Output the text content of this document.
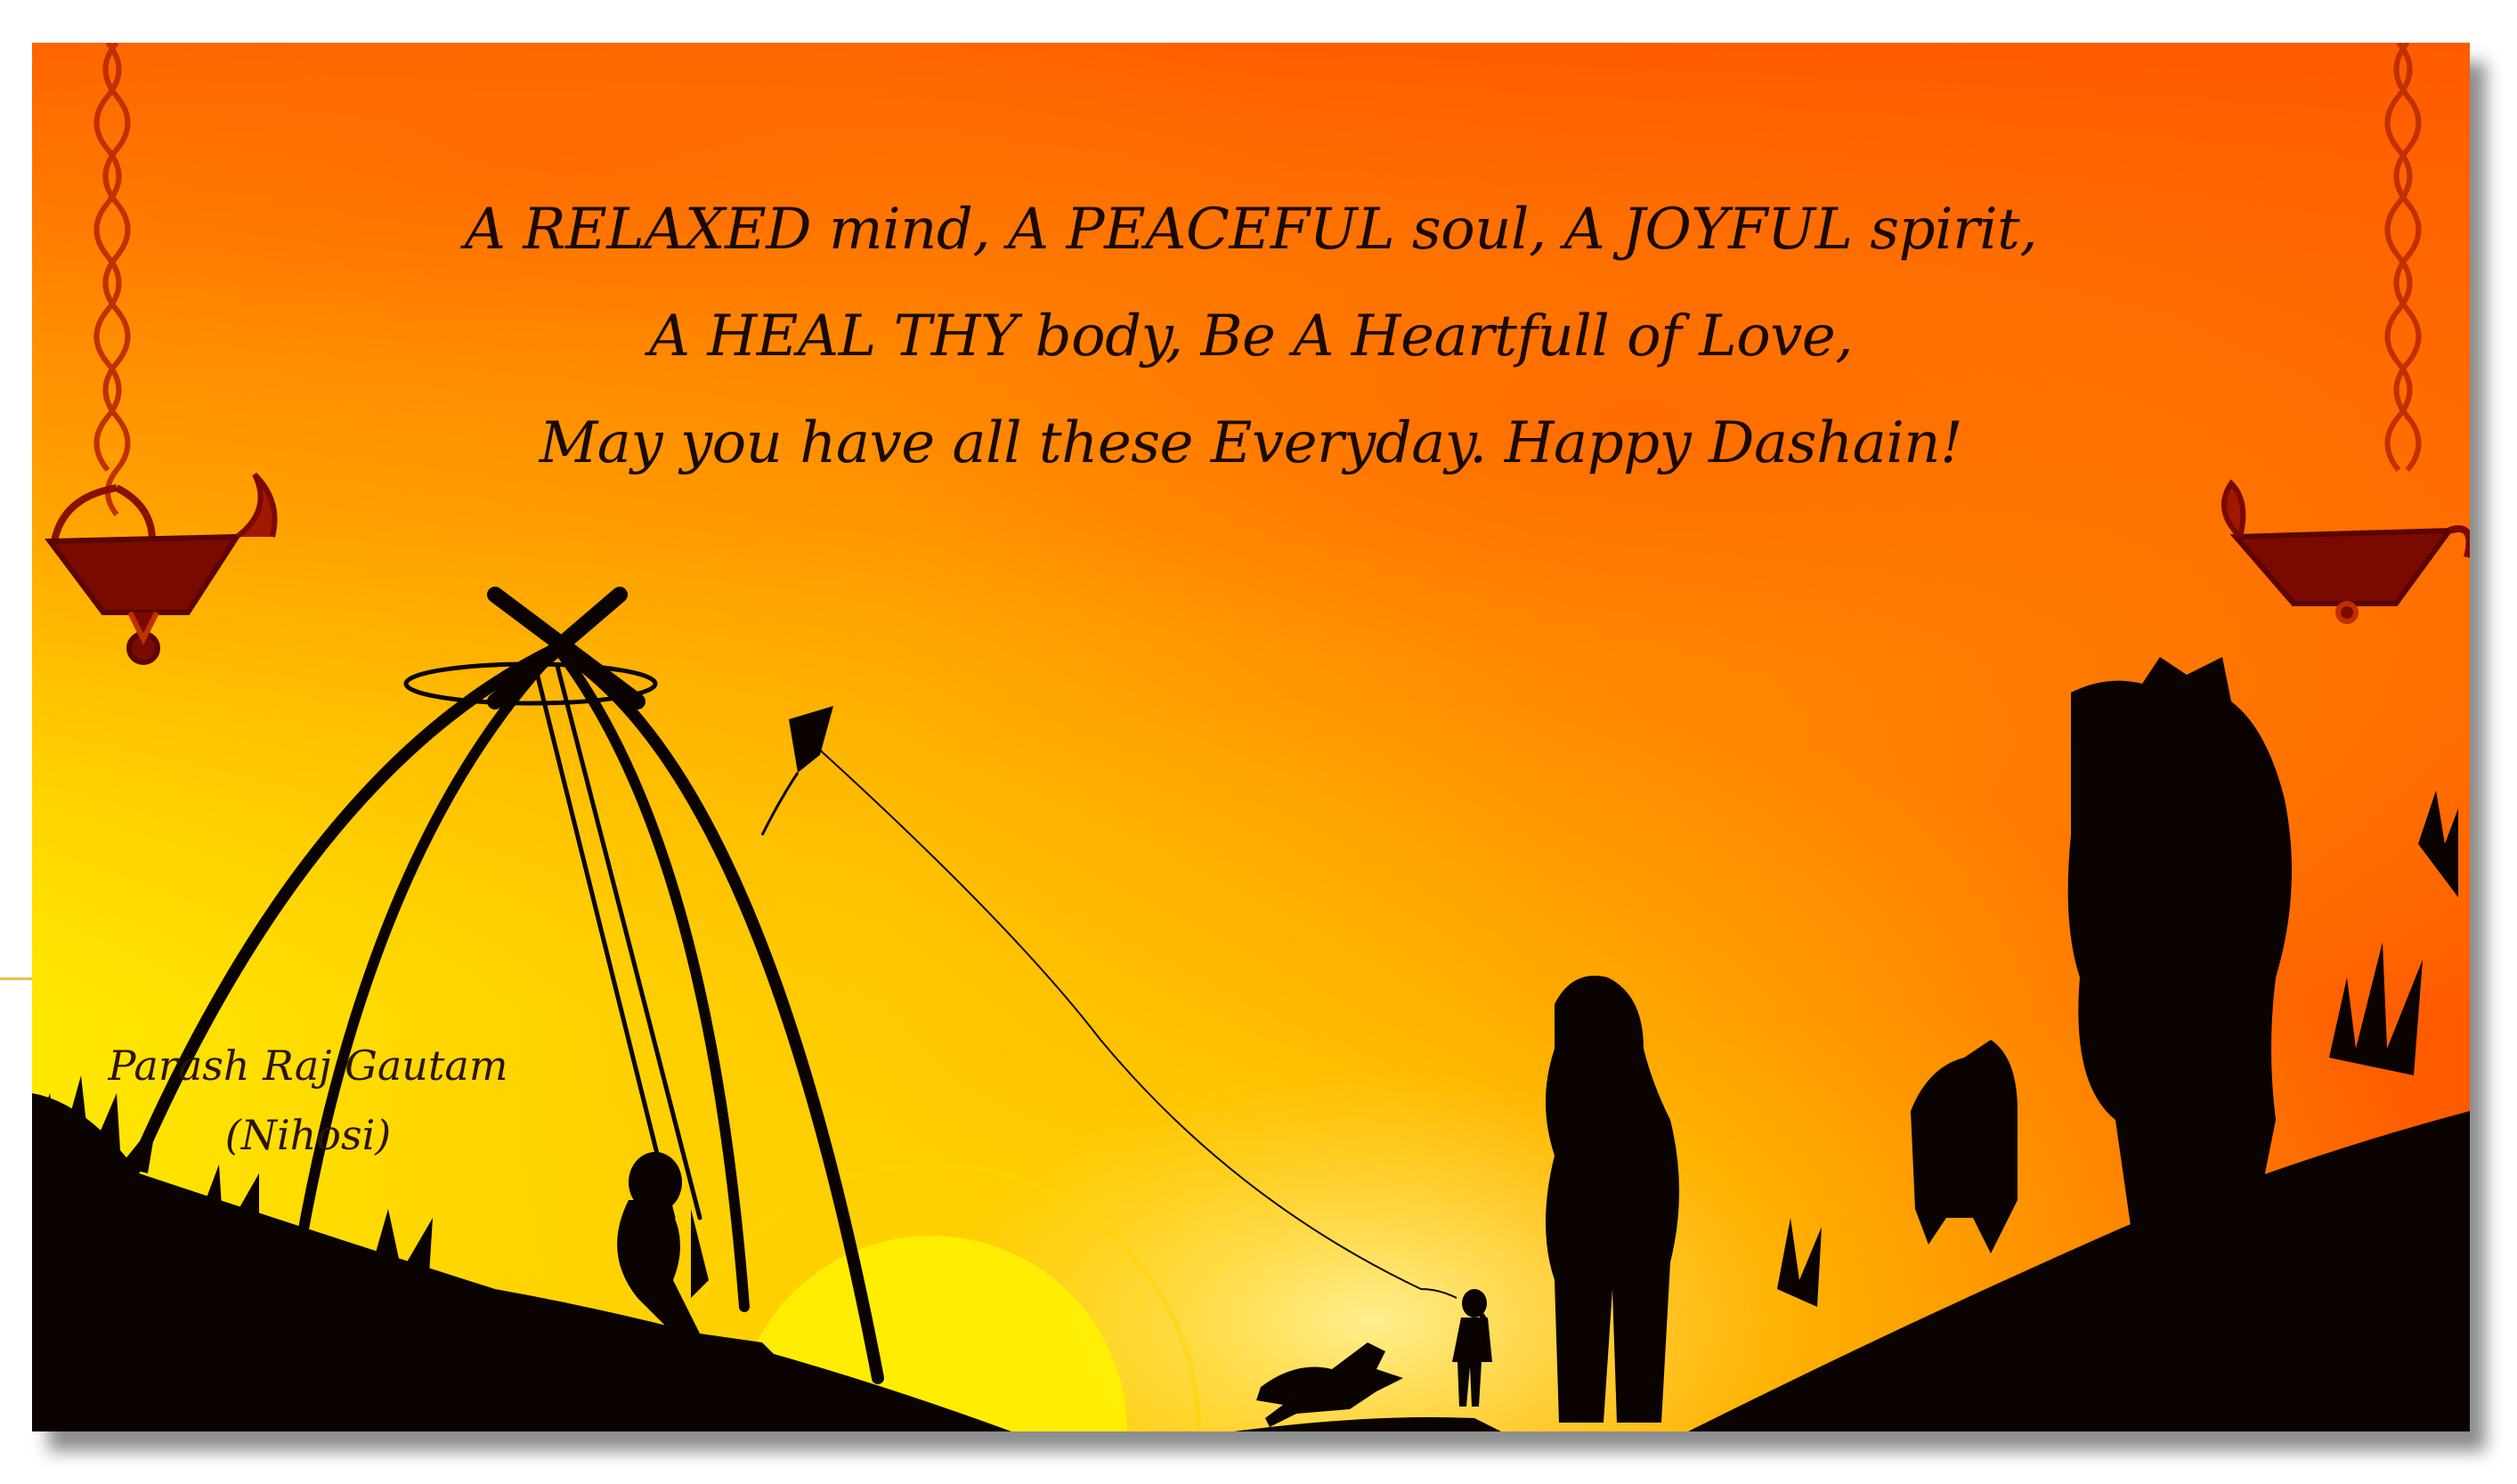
A RELAXED mind, A PEACEFUL soul, A JOYFUL spirit,
A HEAL THY body, Be A Heartfull of Love,
May you have all these Everyday. Happy Dashain!
Parash Raj Gautam
(Nihosi)
